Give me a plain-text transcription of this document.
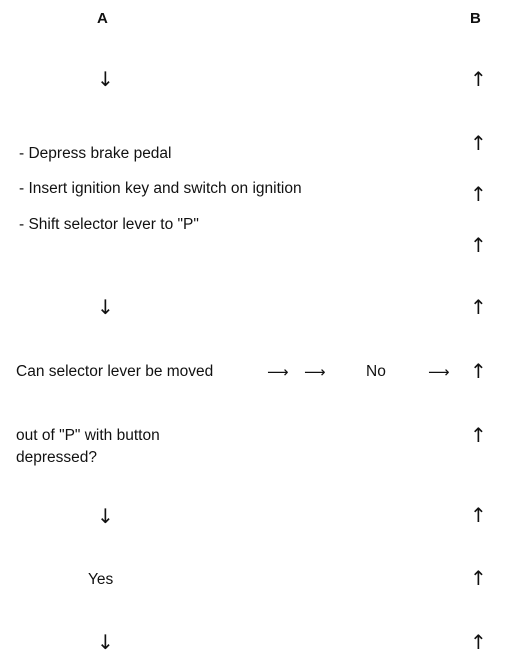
A	B
↓
↓
↓
↓
↑
↑
↑
↑
↑
↑
↑
↑
↑
↑
- Depress brake pedal
- Insert ignition key and switch on ignition
- Shift selector lever to "P"
Can selector lever be moved
out of "P" with button
depressed?
⟶ ⟶	No	⟶
Yes
